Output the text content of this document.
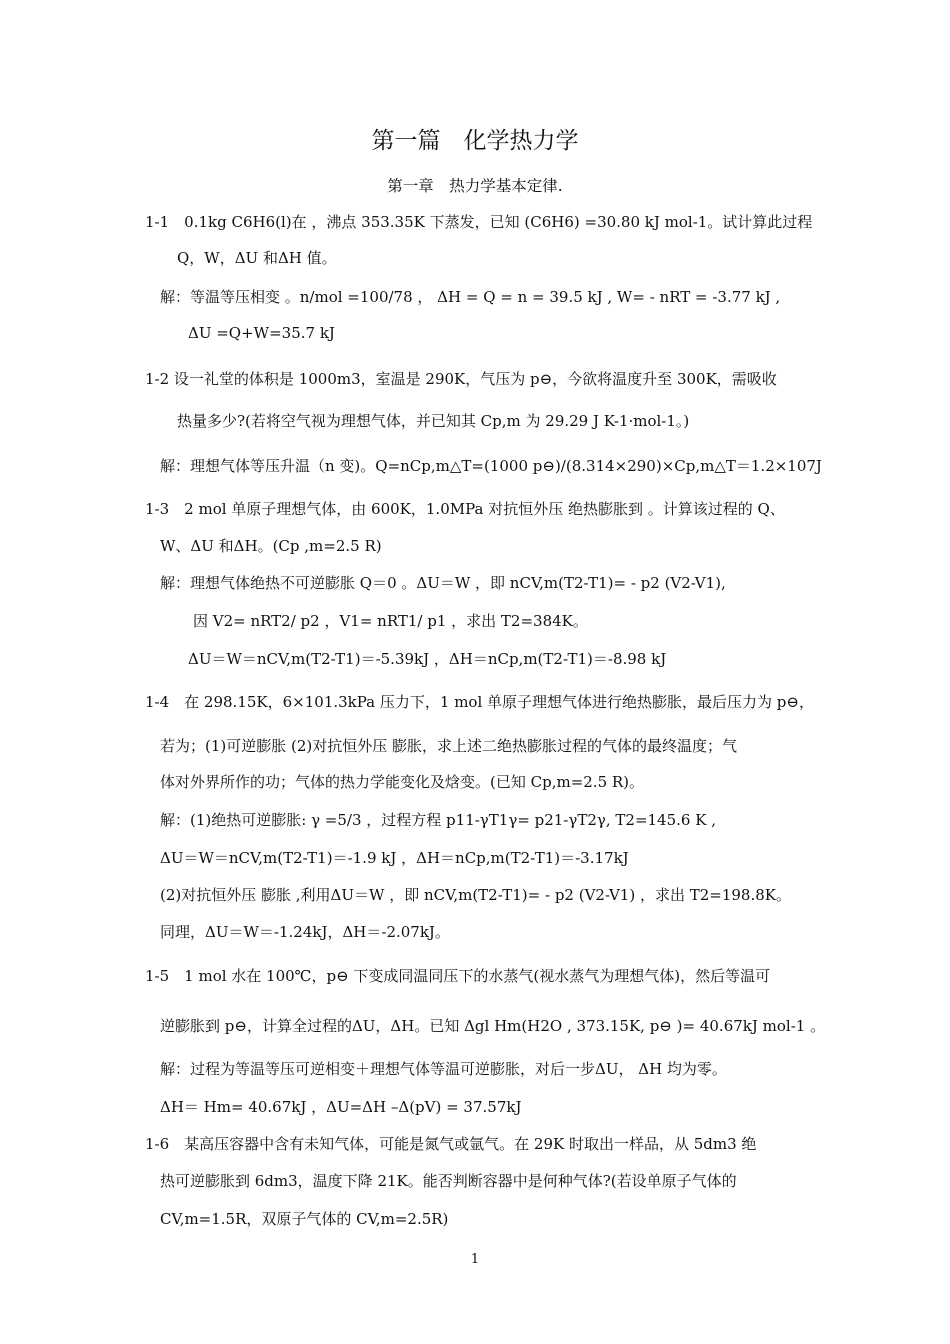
第一篇　化学热力学
第一章　热力学基本定律.
1-1　0.1kg C6H6(l)在 ，沸点 353.35K 下蒸发，已知 (C6H6) =30.80 kJ mol-1。试计算此过程
Q，W，ΔU 和ΔH 值。
解：等温等压相变 。n/mol =100/78 ， ΔH = Q = n = 39.5 kJ , W= - nRT = -3.77 kJ ,
ΔU =Q+W=35.7 kJ
1-2 设一礼堂的体积是 1000m3，室温是 290K，气压为 p⊖，今欲将温度升至 300K，需吸收
热量多少?(若将空气视为理想气体，并已知其 Cp,m 为 29.29 J K-1·mol-1。)
解：理想气体等压升温（n 变)。Q=nCp,m△T=(1000 p⊖)/(8.314×290)×Cp,m△T＝1.2×107J
1-3　2 mol 单原子理想气体，由 600K，1.0MPa 对抗恒外压 绝热膨胀到 。计算该过程的 Q、
W、ΔU 和ΔH。(Cp ,m=2.5 R)
解：理想气体绝热不可逆膨胀 Q＝0 。ΔU＝W ，即 nCV,m(T2-T1)= - p2 (V2-V1),
因 V2= nRT2/ p2 ，V1= nRT1/ p1 ，求出 T2=384K。
ΔU＝W＝nCV,m(T2-T1)＝-5.39kJ ，ΔH＝nCp,m(T2-T1)＝-8.98 kJ
1-4　在 298.15K，6×101.3kPa 压力下，1 mol 单原子理想气体进行绝热膨胀，最后压力为 p⊖，
若为；(1)可逆膨胀 (2)对抗恒外压 膨胀，求上述二绝热膨胀过程的气体的最终温度；气
体对外界所作的功；气体的热力学能变化及焓变。(已知 Cp,m=2.5 R)。
解：(1)绝热可逆膨胀: γ =5/3 ，过程方程 p11-γT1γ= p21-γT2γ, T2=145.6 K ,
ΔU＝W＝nCV,m(T2-T1)＝-1.9 kJ ，ΔH＝nCp,m(T2-T1)＝-3.17kJ
(2)对抗恒外压 膨胀 ,利用ΔU＝W ，即 nCV,m(T2-T1)= - p2 (V2-V1) ，求出 T2=198.8K。
同理，ΔU＝W＝-1.24kJ，ΔH＝-2.07kJ。
1-5　1 mol 水在 100℃，p⊖ 下变成同温同压下的水蒸气(视水蒸气为理想气体)，然后等温可
逆膨胀到 p⊖，计算全过程的ΔU，ΔH。已知 Δgl Hm(H2O , 373.15K, p⊖ )= 40.67kJ mol-1 。
解：过程为等温等压可逆相变＋理想气体等温可逆膨胀，对后一步ΔU， ΔH 均为零。
ΔH＝ Hm= 40.67kJ ，ΔU=ΔH –Δ(pV) = 37.57kJ
1-6　某高压容器中含有未知气体，可能是氮气或氩气。在 29K 时取出一样品，从 5dm3 绝
热可逆膨胀到 6dm3，温度下降 21K。能否判断容器中是何种气体?(若设单原子气体的
CV,m=1.5R，双原子气体的 CV,m=2.5R)
1
